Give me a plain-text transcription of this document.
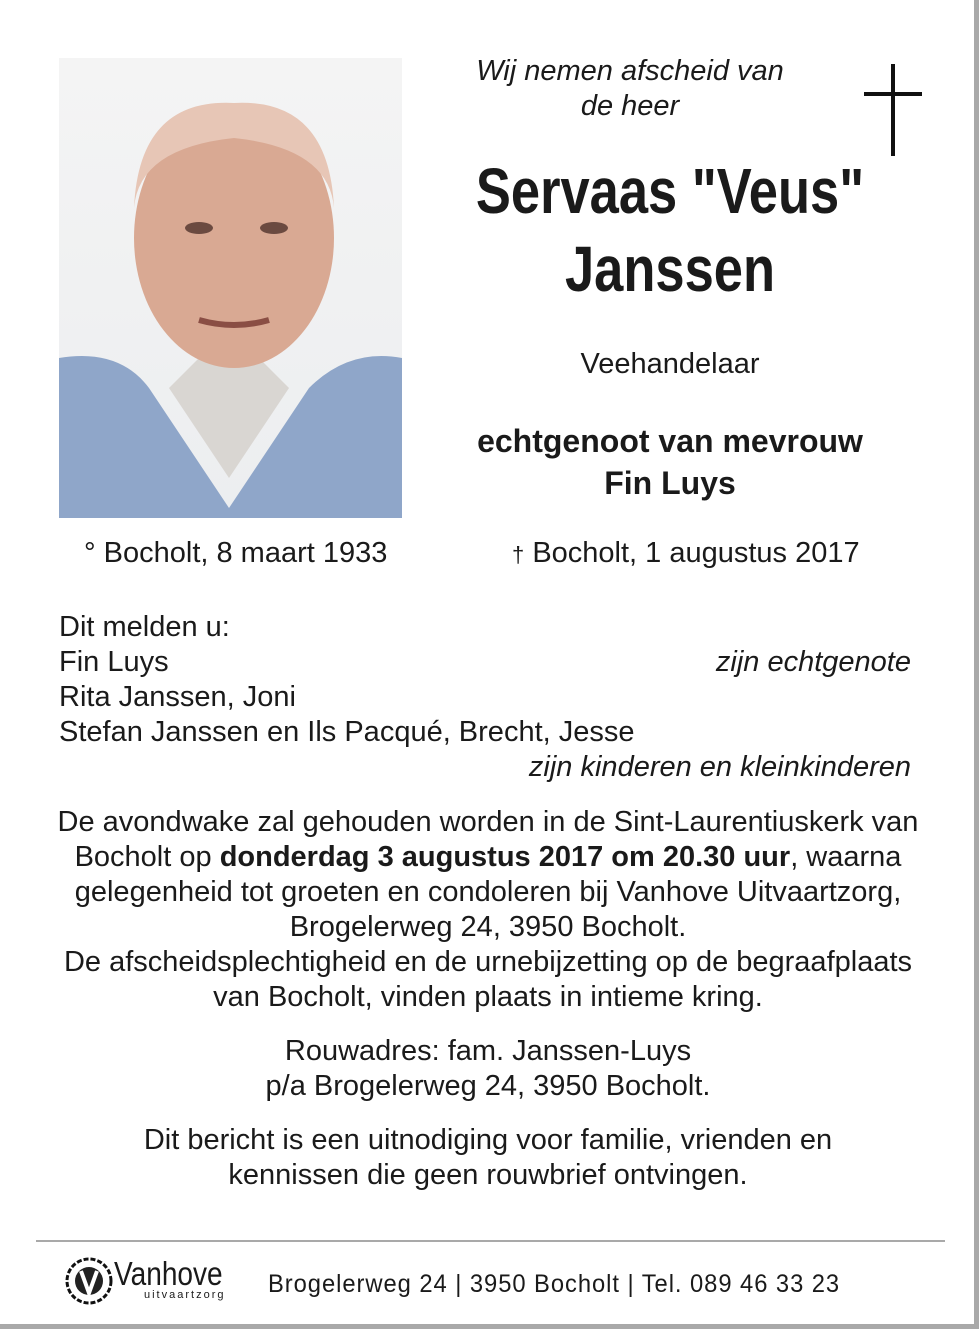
Wij nemen afscheid van
de heer
Servaas "Veus"
Janssen
Veehandelaar
echtgenoot van mevrouw
Fin Luys
° Bocholt, 8 maart 1933	† Bocholt, 1 augustus 2017
Dit melden u:
Fin Luys	zijn echtgenote
Rita Janssen, Joni
Stefan Janssen en Ils Pacqué, Brecht, Jesse
zijn kinderen en kleinkinderen

De avondwake zal gehouden worden in de Sint-Laurentiuskerk van Bocholt op donderdag 3 augustus 2017 om 20.30 uur, waarna gelegenheid tot groeten en condoleren bij Vanhove Uitvaartzorg, Brogelerweg 24, 3950 Bocholt.

De afscheidsplechtigheid en de urnebijzetting op de begraafplaats van Bocholt, vinden plaats in intieme kring.

Rouwadres: fam. Janssen-Luys

p/a Brogelerweg 24, 3950 Bocholt.

Dit bericht is een uitnodiging voor familie, vrienden en kennissen die geen rouwbrief ontvingen.

Vanhove
uitvaartzorg	Brogelerweg 24 | 3950 Bocholt | Tel. 089 46 33 23
